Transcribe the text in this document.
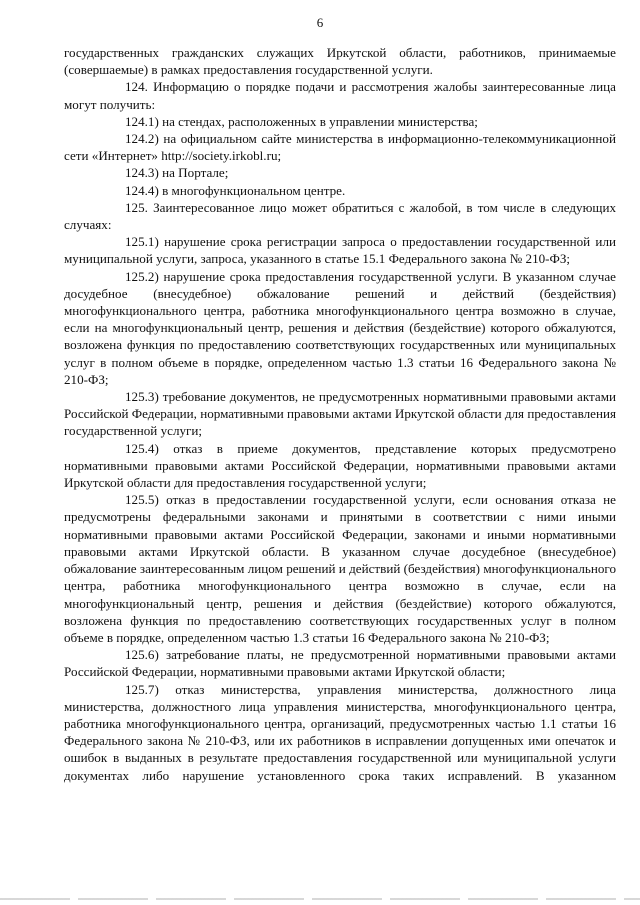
6

государственных гражданских служащих Иркутской области, работников, принимаемые (совершаемые) в рамках предоставления государственной услуги.

124. Информацию о порядке подачи и рассмотрения жалобы заинтересованные лица могут получить:

124.1) на стендах, расположенных в управлении министерства;

124.2) на официальном сайте министерства в информационно-телекоммуникационной сети «Интернет» http://society.irkobl.ru;

124.3) на Портале;

124.4) в многофункциональном центре.

125. Заинтересованное лицо может обратиться с жалобой, в том числе в следующих случаях:

125.1) нарушение срока регистрации запроса о предоставлении государственной или муниципальной услуги, запроса, указанного в статье 15.1 Федерального закона № 210-ФЗ;

125.2) нарушение срока предоставления государственной услуги. В указанном случае досудебное (внесудебное) обжалование решений и действий (бездействия) многофункционального центра, работника многофункционального центра возможно в случае, если на многофункциональный центр, решения и действия (бездействие) которого обжалуются, возложена функция по предоставлению соответствующих государственных или муниципальных услуг в полном объеме в порядке, определенном частью 1.3 статьи 16 Федерального закона № 210-ФЗ;

125.3) требование документов, не предусмотренных нормативными правовыми актами Российской Федерации, нормативными правовыми актами Иркутской области для предоставления государственной услуги;

125.4) отказ в приеме документов, представление которых предусмотрено нормативными правовыми актами Российской Федерации, нормативными правовыми актами Иркутской области для предоставления государственной услуги;

125.5) отказ в предоставлении государственной услуги, если основания отказа не предусмотрены федеральными законами и принятыми в соответствии с ними иными нормативными правовыми актами Российской Федерации, законами и иными нормативными правовыми актами Иркутской области. В указанном случае досудебное (внесудебное) обжалование заинтересованным лицом решений и действий (бездействия) многофункционального центра, работника многофункционального центра возможно в случае, если на многофункциональный центр, решения и действия (бездействие) которого обжалуются, возложена функция по предоставлению соответствующих государственных услуг в полном объеме в порядке, определенном частью 1.3 статьи 16 Федерального закона № 210-ФЗ;

125.6) затребование платы, не предусмотренной нормативными правовыми актами Российской Федерации, нормативными правовыми актами Иркутской области;

125.7) отказ министерства, управления министерства, должностного лица министерства, должностного лица управления министерства, многофункционального центра, работника многофункционального центра, организаций, предусмотренных частью 1.1 статьи 16 Федерального закона № 210-ФЗ, или их работников в исправлении допущенных ими опечаток и ошибок в выданных в результате предоставления государственной или муниципальной услуги документах либо нарушение установленного срока таких исправлений. В указанном
